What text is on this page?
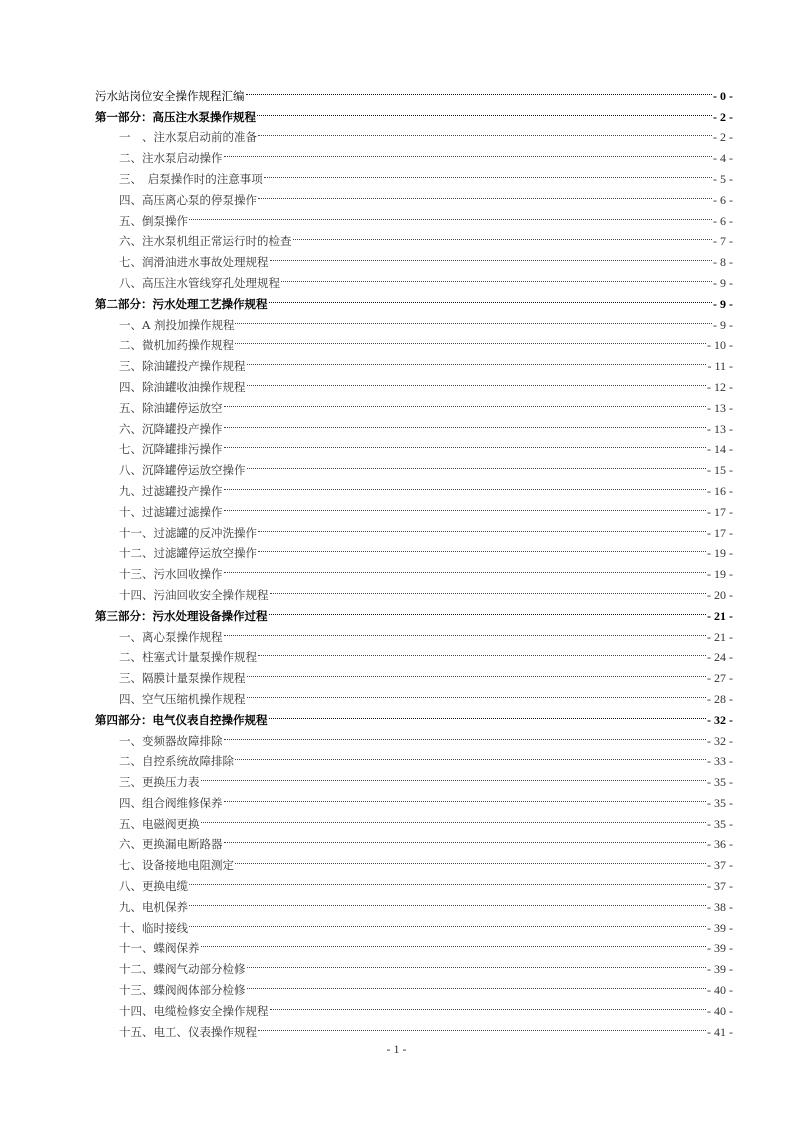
污水站岗位安全操作规程汇编	- 0 -
第一部分：高压注水泵操作规程	- 2 -
一　、注水泵启动前的准备	- 2 -
二、注水泵启动操作	- 4 -
三、　启泵操作时的注意事项	- 5 -
四、高压离心泵的停泵操作	- 6 -
五、倒泵操作	- 6 -
六、注水泵机组正常运行时的检查	- 7 -
七、润滑油进水事故处理规程	- 8 -
八、高压注水管线穿孔处理规程	- 9 -
第二部分：污水处理工艺操作规程	- 9 -
一、A 剂投加操作规程	- 9 -
二、微机加药操作规程	- 10 -
三、除油罐投产操作规程	- 11 -
四、除油罐收油操作规程	- 12 -
五、除油罐停运放空	- 13 -
六、沉降罐投产操作	- 13 -
七、沉降罐排污操作	- 14 -
八、沉降罐停运放空操作	- 15 -
九、过滤罐投产操作	- 16 -
十、过滤罐过滤操作	- 17 -
十一、过滤罐的反冲洗操作	- 17 -
十二、过滤罐停运放空操作	- 19 -
十三、污水回收操作	- 19 -
十四、污油回收安全操作规程	- 20 -
第三部分：污水处理设备操作过程	- 21 -
一、离心泵操作规程	- 21 -
二、柱塞式计量泵操作规程	- 24 -
三、隔膜计量泵操作规程	- 27 -
四、空气压缩机操作规程	- 28 -
第四部分：电气仪表自控操作规程	- 32 -
一、变频器故障排除	- 32 -
二、自控系统故障排除	- 33 -
三、更换压力表	- 35 -
四、组合阀维修保养	- 35 -
五、电磁阀更换	- 35 -
六、更换漏电断路器	- 36 -
七、设备接地电阻测定	- 37 -
八、更换电缆	- 37 -
九、电机保养	- 38 -
十、临时接线	- 39 -
十一、蝶阀保养	- 39 -
十二、蝶阀气动部分检修	- 39 -
十三、蝶阀阀体部分检修	- 40 -
十四、电缆检修安全操作规程	- 40 -
十五、电工、仪表操作规程	- 41 -
- 1 -
